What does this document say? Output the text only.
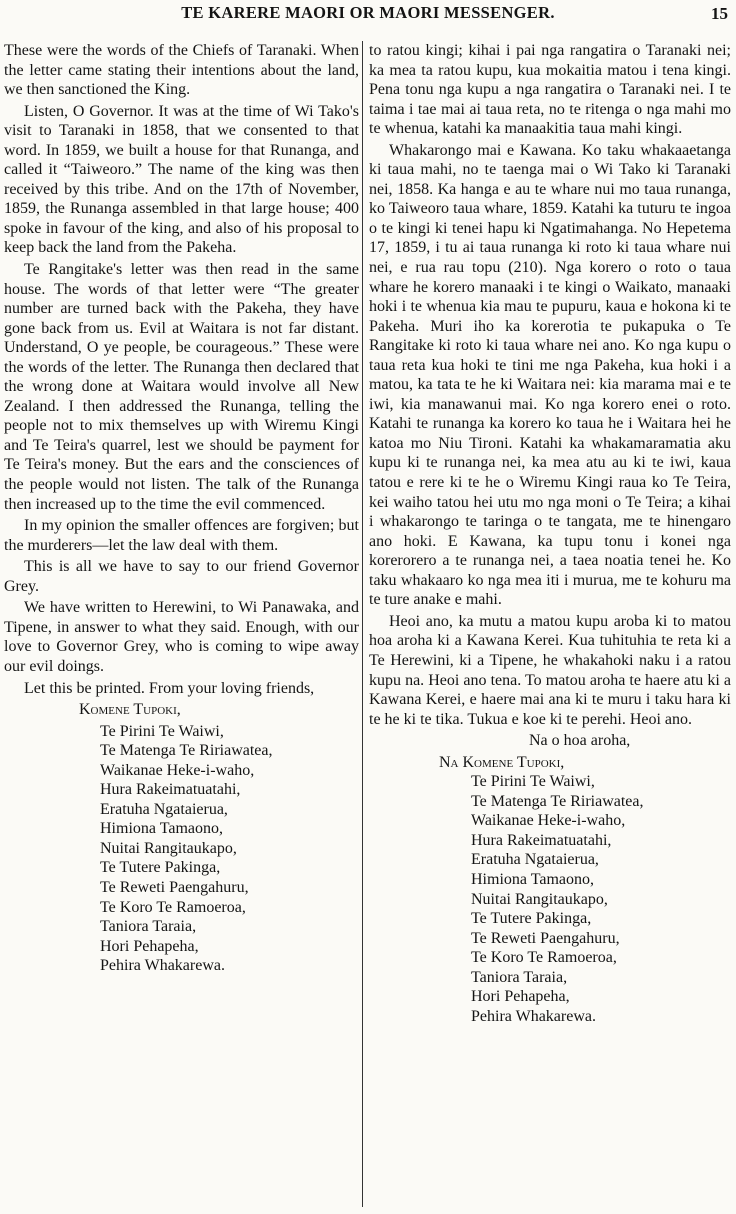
TE KARERE MAORI OR MAORI MESSENGER.	15

These were the words of the Chiefs of Taranaki. When the letter came stating their intentions about the land, we then sanctioned the King.

Listen, O Governor. It was at the time of Wi Tako's visit to Taranaki in 1858, that we consented to that word. In 1859, we built a house for that Runanga, and called it “Taiweoro.” The name of the king was then received by this tribe. And on the 17th of November, 1859, the Runanga assembled in that large house; 400 spoke in favour of the king, and also of his proposal to keep back the land from the Pakeha.

Te Rangitake's letter was then read in the same house. The words of that letter were “The greater number are turned back with the Pakeha, they have gone back from us. Evil at Waitara is not far distant. Understand, O ye people, be courageous.” These were the words of the letter. The Runanga then declared that the wrong done at Waitara would involve all New Zealand. I then addressed the Runanga, telling the people not to mix themselves up with Wiremu Kingi and Te Teira's quarrel, lest we should be payment for Te Teira's money. But the ears and the consciences of the people would not listen. The talk of the Runanga then increased up to the time the evil commenced.

In my opinion the smaller offences are forgiven; but the murderers—let the law deal with them.

This is all we have to say to our friend Governor Grey.

We have written to Herewini, to Wi Panawaka, and Tipene, in answer to what they said. Enough, with our love to Governor Grey, who is coming to wipe away our evil doings.

Let this be printed. From your loving friends,

Komene Tupoki,

Te Pirini Te Waiwi,
Te Matenga Te Ririawatea,
Waikanae Heke-i-waho,
Hura Rakeimatuatahi,
Eratuha Ngataierua,
Himiona Tamaono,
Nuitai Rangitaukapo,
Te Tutere Pakinga,
Te Reweti Paengahuru,
Te Koro Te Ramoeroa,
Taniora Taraia,
Hori Pehapeha,
Pehira Whakarewa.

to ratou kingi; kihai i pai nga rangatira o Taranaki nei; ka mea ta ratou kupu, kua mokaitia matou i tena kingi. Pena tonu nga kupu a nga rangatira o Taranaki nei. I te taima i tae mai ai taua reta, no te ritenga o nga mahi mo te whenua, katahi ka manaakitia taua mahi kingi.

Whakarongo mai e Kawana. Ko taku whakaaetanga ki taua mahi, no te taenga mai o Wi Tako ki Taranaki nei, 1858. Ka hanga e au te whare nui mo taua runanga, ko Taiweoro taua whare, 1859. Katahi ka tuturu te ingoa o te kingi ki tenei hapu ki Ngatimahanga. No Hepetema 17, 1859, i tu ai taua runanga ki roto ki taua whare nui nei, e rua rau topu (210). Nga korero o roto o taua whare he korero manaaki i te kingi o Waikato, manaaki hoki i te whenua kia mau te pupuru, kaua e hokona ki te Pakeha. Muri iho ka korerotia te pukapuka o Te Rangitake ki roto ki taua whare nei ano. Ko nga kupu o taua reta kua hoki te tini me nga Pakeha, kua hoki i a matou, ka tata te he ki Waitara nei: kia marama mai e te iwi, kia manawanui mai. Ko nga korero enei o roto. Katahi te runanga ka korero ko taua he i Waitara hei he katoa mo Niu Tironi. Katahi ka whakamaramatia aku kupu ki te runanga nei, ka mea atu au ki te iwi, kaua tatou e rere ki te he o Wiremu Kingi raua ko Te Teira, kei waiho tatou hei utu mo nga moni o Te Teira; a kihai i whakarongo te taringa o te tangata, me te hinengaro ano hoki. E Kawana, ka tupu tonu i konei nga korerorero a te runanga nei, a taea noatia tenei he. Ko taku whakaaro ko nga mea iti i murua, me te kohuru ma te ture anake e mahi.

Heoi ano, ka mutu a matou kupu aroba ki to matou hoa aroha ki a Kawana Kerei. Kua tuhituhia te reta ki a Te Herewini, ki a Tipene, he whakahoki naku i a ratou kupu na. Heoi ano tena. To matou aroha te haere atu ki a Kawana Kerei, e haere mai ana ki te muru i taku hara ki te he ki te tika. Tukua e koe ki te perehi. Heoi ano.

Na o hoa aroha,

Na Komene Tupoki,

Te Pirini Te Waiwi,
Te Matenga Te Ririawatea,
Waikanae Heke-i-waho,
Hura Rakeimatuatahi,
Eratuha Ngataierua,
Himiona Tamaono,
Nuitai Rangitaukapo,
Te Tutere Pakinga,
Te Reweti Paengahuru,
Te Koro Te Ramoeroa,
Taniora Taraia,
Hori Pehapeha,
Pehira Whakarewa.
